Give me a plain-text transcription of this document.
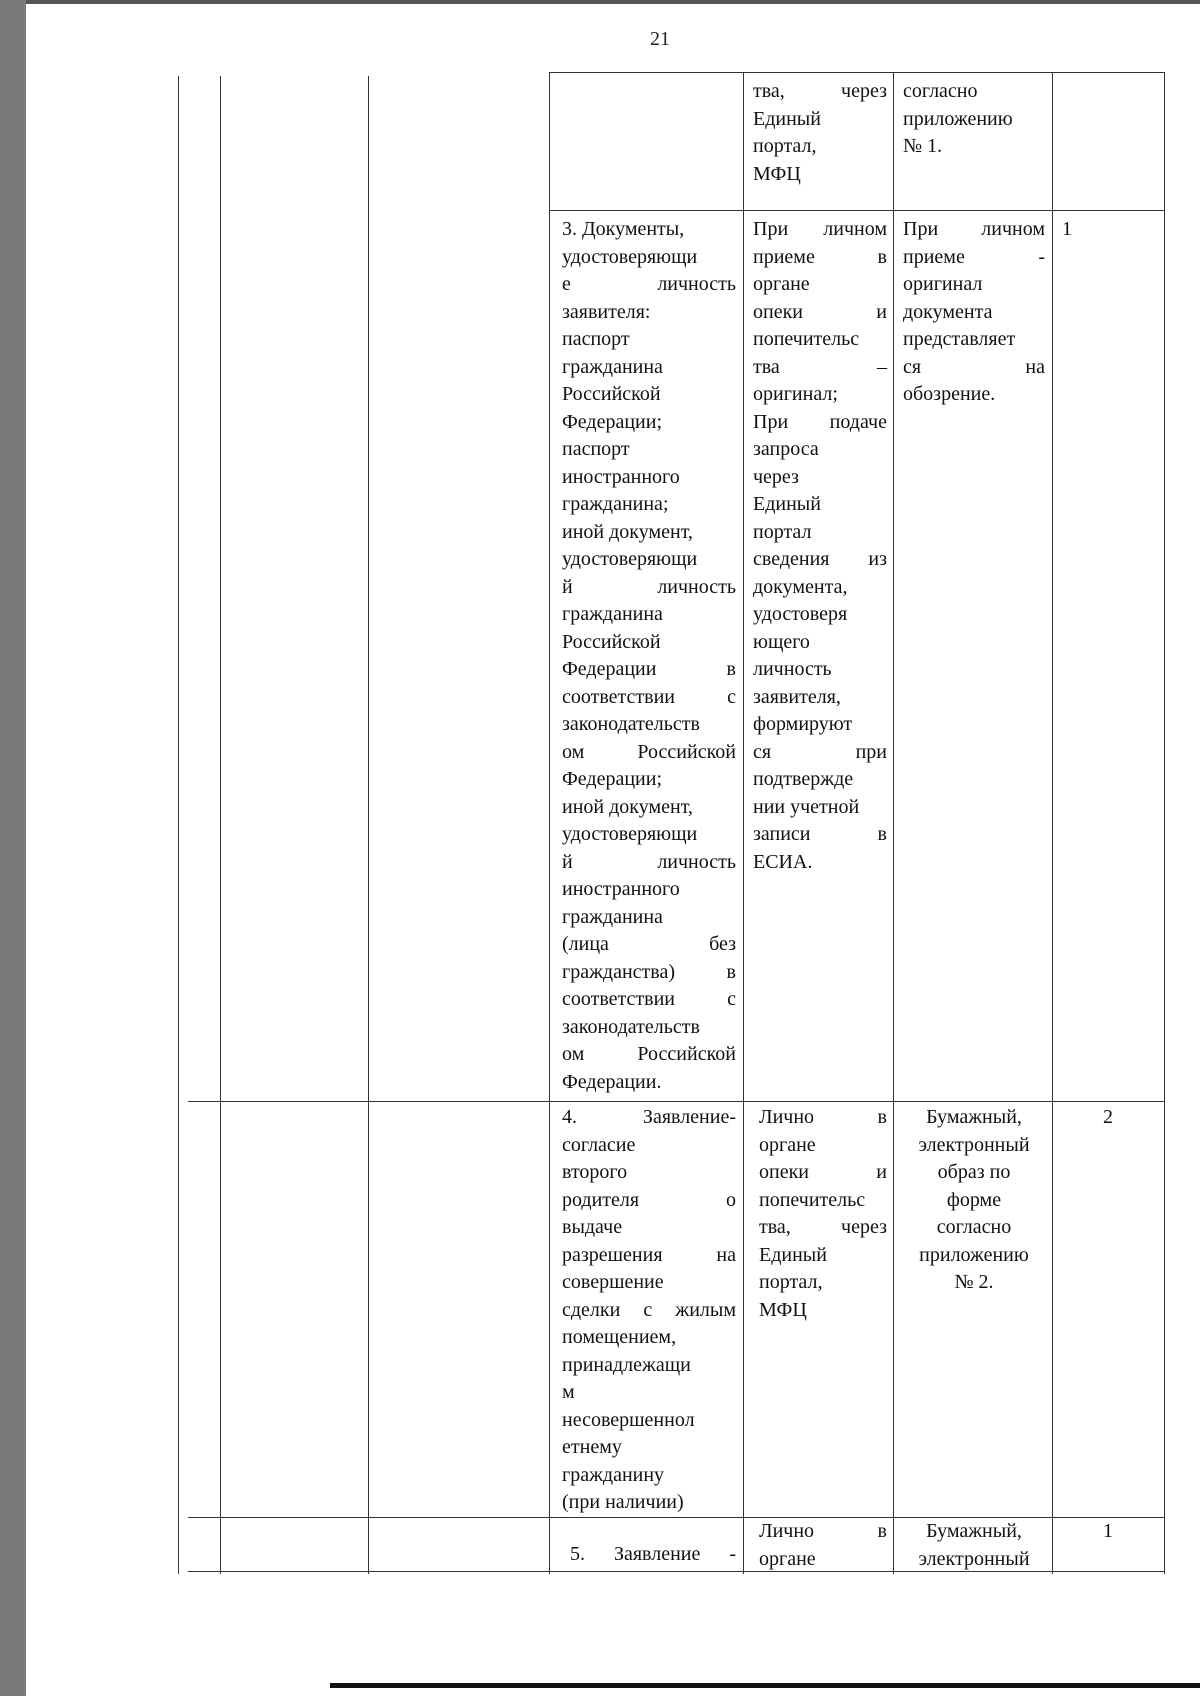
21
тва, через
Единый
портал,
МФЦ
согласно
приложению
№ 1.
3. Документы,
удостоверяющи
е личность
заявителя:
паспорт
гражданина
Российской
Федерации;
паспорт
иностранного
гражданина;
иной документ,
удостоверяющи
й личность
гражданина
Российской
Федерации в
соответствии с
законодательств
ом Российской
Федерации;
иной документ,
удостоверяющи
й личность
иностранного
гражданина
(лица без
гражданства) в
соответствии с
законодательств
ом Российской
Федерации.
При личном
приеме в
органе
опеки и
попечительс
тва –
оригинал;
При подаче
запроса
через
Единый
портал
сведения из
документа,
удостоверя
ющего
личность
заявителя,
формируют
ся при
подтвержде
нии учетной
записи в
ЕСИА.
При личном
приеме -
оригинал
документа
представляет
ся на
обозрение.
1
4. Заявление-
согласие
второго
родителя о
выдаче
разрешения на
совершение
сделки с жилым
помещением,
принадлежащи
м
несовершеннол
етнему
гражданину
(при наличии)
Лично в
органе
опеки и
попечительс
тва, через
Единый
портал,
МФЦ
Бумажный,
электронный
образ по
форме
согласно
приложению
№ 2.
2
5. Заявление -
Лично в
органе
Бумажный,
электронный
1
